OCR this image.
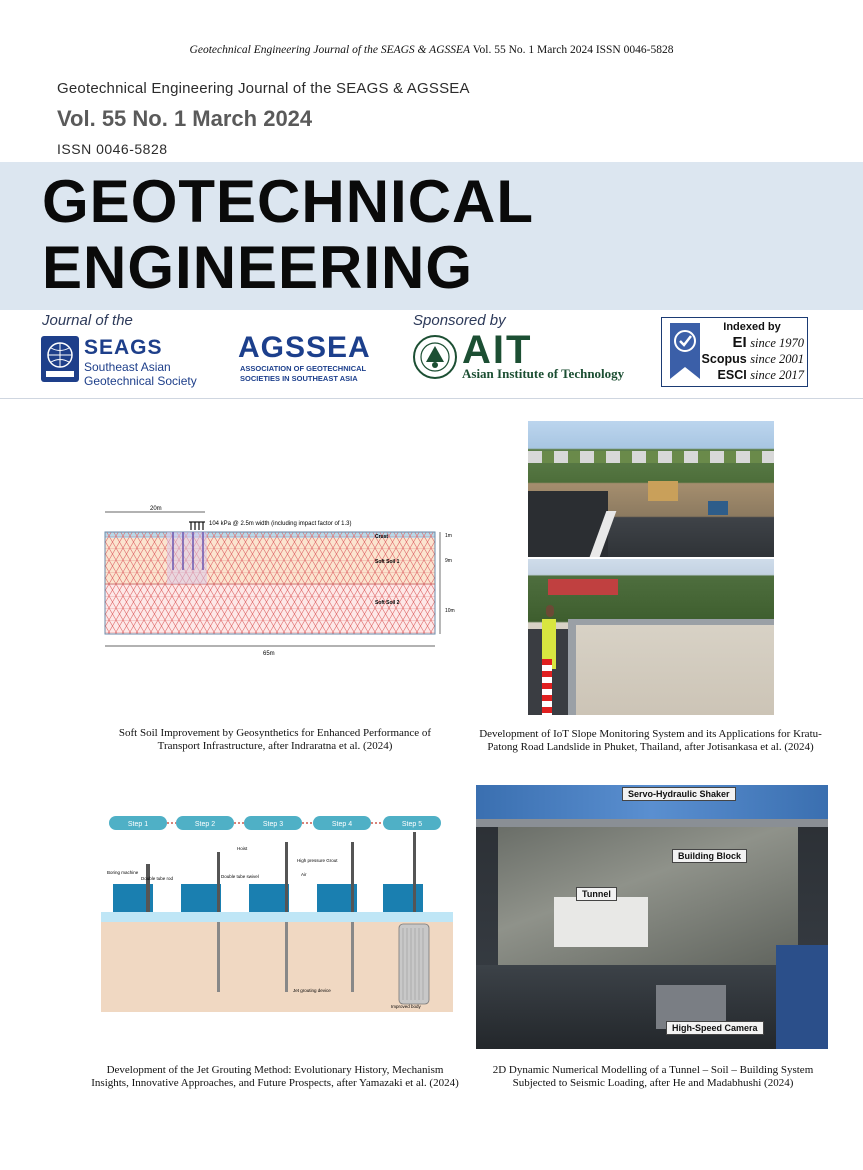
Geotechnical Engineering Journal of the SEAGS & AGSSEA Vol. 55 No. 1 March 2024 ISSN 0046-5828
Geotechnical Engineering Journal of the SEAGS & AGSSEA
Vol. 55 No. 1 March 2024
ISSN 0046-5828
GEOTECHNICAL
ENGINEERING
Journal of the	Sponsored by
SEAGS
Southeast Asian
Geotechnical Society
AGSSEA
ASSOCIATION OF GEOTECHNICAL
SOCIETIES IN SOUTHEAST ASIA
AIT
Asian Institute of Technology
Indexed by
EI since 1970
Scopus since 2001
ESCI since 2017
20m
104 kPa @ 2.5m width (including impact factor of 1.3)
Crust
Soft Soil 1
Soft Soil 2
1m
9m
10m
65m
Soft Soil Improvement by Geosynthetics for Enhanced Performance of Transport Infrastructure, after Indraratna et al. (2024)
Development of IoT Slope Monitoring System and its Applications for Kratu-Patong Road Landslide in Phuket, Thailand, after Jotisankasa et al. (2024)
Step 1	Step 2	Step 3	Step 4	Step 5
Boring machine
Double tube rod	Double tube swivel
Hoist
High pressure Grout
Air
Jet grouting device
Improved body
Development of the Jet Grouting Method: Evolutionary History, Mechanism Insights, Innovative Approaches, and Future Prospects, after Yamazaki et al. (2024)
Servo-Hydraulic Shaker
Building Block
Tunnel
High-Speed Camera
2D Dynamic Numerical Modelling of a Tunnel – Soil – Building System Subjected to Seismic Loading, after He and Madabhushi (2024)
